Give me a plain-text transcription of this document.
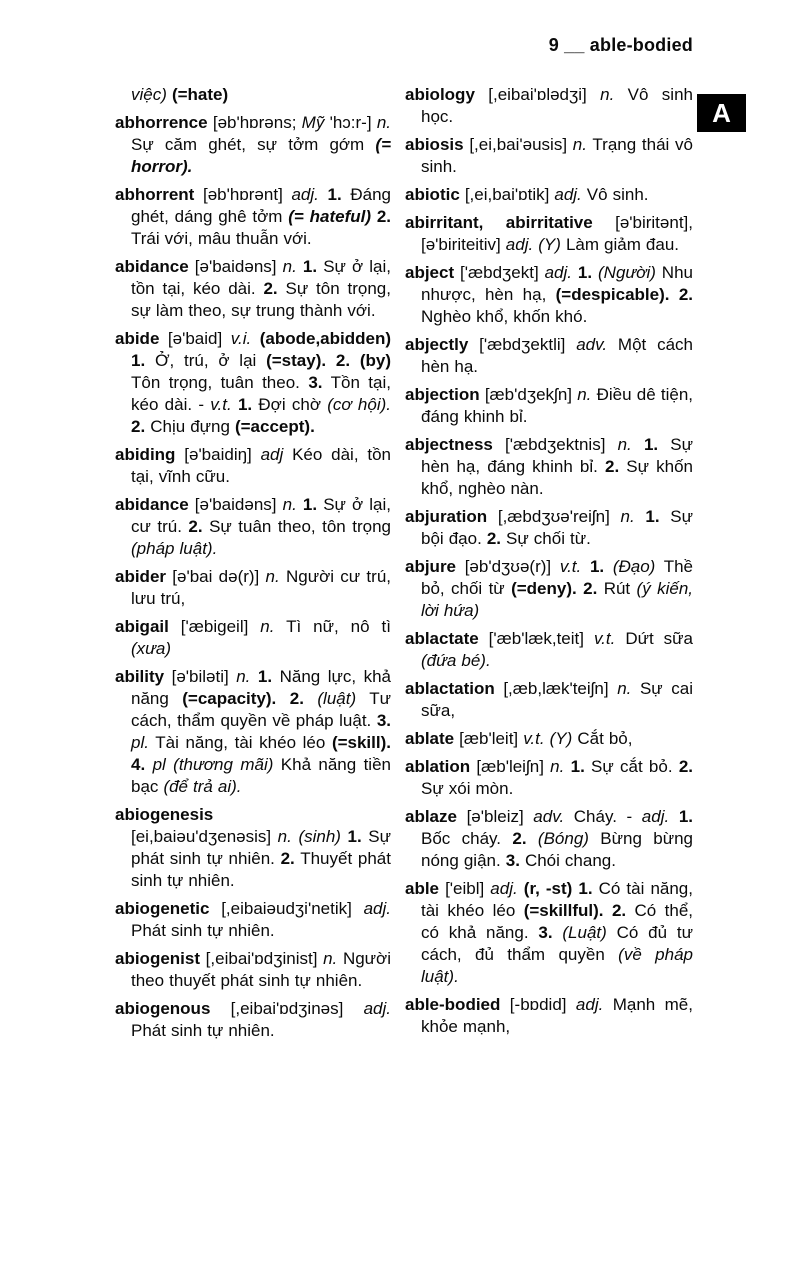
9 __ able-bodied
A

việc) (=hate)

abhorrence [əb'hɒrəns; Mỹ 'hɔ:r-] n. Sự căm ghét, sự tởm gớm (= horror).

abhorrent [əb'hɒrənt] adj. 1. Đáng ghét, dáng ghê tởm (= hateful) 2. Trái với, mâu thuẫn với.

abidance [ə'baidəns] n. 1. Sự ở lại, tồn tại, kéo dài. 2. Sự tôn trọng, sự làm theo, sự trung thành với.

abide [ə'baid] v.i. (abode,abidden) 1. Ở, trú, ở lại (=stay). 2. (by) Tôn trọng, tuân theo. 3. Tồn tại, kéo dài. - v.t. 1. Đợi chờ (cơ hội). 2. Chịu đựng (=accept).

abiding [ə'baidiŋ] adj Kéo dài, tồn tại, vĩnh cữu.

abidance [ə'baidəns] n. 1. Sự ở lại, cư trú. 2. Sự tuân theo, tôn trọng (pháp luật).

abider [ə'bai də(r)] n. Người cư trú, lưu trú,

abigail ['æbigeil] n. Tì nữ, nô tì (xưa)

ability [ə'biləti] n. 1. Năng lực, khả năng (=capacity). 2. (luật) Tư cách, thẩm quyền về pháp luật. 3. pl. Tài năng, tài khéo léo (=skill). 4. pl (thương mãi) Khả năng tiền bạc (để trả ai).

abiogenesis
[ei,baiəu'dʒenəsis] n. (sinh) 1. Sự phát sinh tự nhiên. 2. Thuyết phát sinh tự nhiên.

abiogenetic [,eibaiəudʒi'netik] adj. Phát sinh tự nhiên.

abiogenist [,eibai'ɒdʒinist] n. Người theo thuyết phát sinh tự nhiên.

abiogenous [,eibai'ɒdʒinəs] adj. Phát sinh tự nhiên.

abiology [,eibai'ɒlədʒi] n. Vô sinh học.

abiosis [,ei,bai'əusis] n. Trạng thái vô sinh.

abiotic [,ei,bai'ɒtik] adj. Vô sinh.

abirritant, abirritative [ə'biritənt], [ə'biriteitiv] adj. (Y) Làm giảm đau.

abject ['æbdʒekt] adj. 1. (Người) Nhu nhược, hèn hạ, (=despicable). 2. Nghèo khổ, khốn khó.

abjectly ['æbdʒektli] adv. Một cách hèn hạ.

abjection [æb'dʒekʃn] n. Điều dê tiện, đáng khinh bỉ.

abjectness ['æbdʒektnis] n. 1. Sự hèn hạ, đáng khinh bỉ. 2. Sự khốn khổ, nghèo nàn.

abjuration [,æbdʒʊə'reiʃn] n. 1. Sự bội đạo. 2. Sự chối từ.

abjure [əb'dʒʊə(r)] v.t. 1. (Đạo) Thề bỏ, chối từ (=deny). 2. Rút (ý kiến, lời hứa)

ablactate ['æb'læk,teit] v.t. Dứt sữa (đứa bé).

ablactation [,æb,læk'teiʃn] n. Sự cai sữa,

ablate [æb'leit] v.t. (Y) Cắt bỏ,

ablation [æb'leiʃn] n. 1. Sự cắt bỏ. 2. Sự xói mòn.

ablaze [ə'bleiz] adv. Cháy. - adj. 1. Bốc cháy. 2. (Bóng) Bừng bừng nóng giận. 3. Chói chang.

able ['eibl] adj. (r, -st) 1. Có tài năng, tài khéo léo (=skillful). 2. Có thể, có khả năng. 3. (Luật) Có đủ tư cách, đủ thẩm quyền (về pháp luật).

able-bodied [-bɒdid] adj. Mạnh mẽ, khỏe mạnh,
